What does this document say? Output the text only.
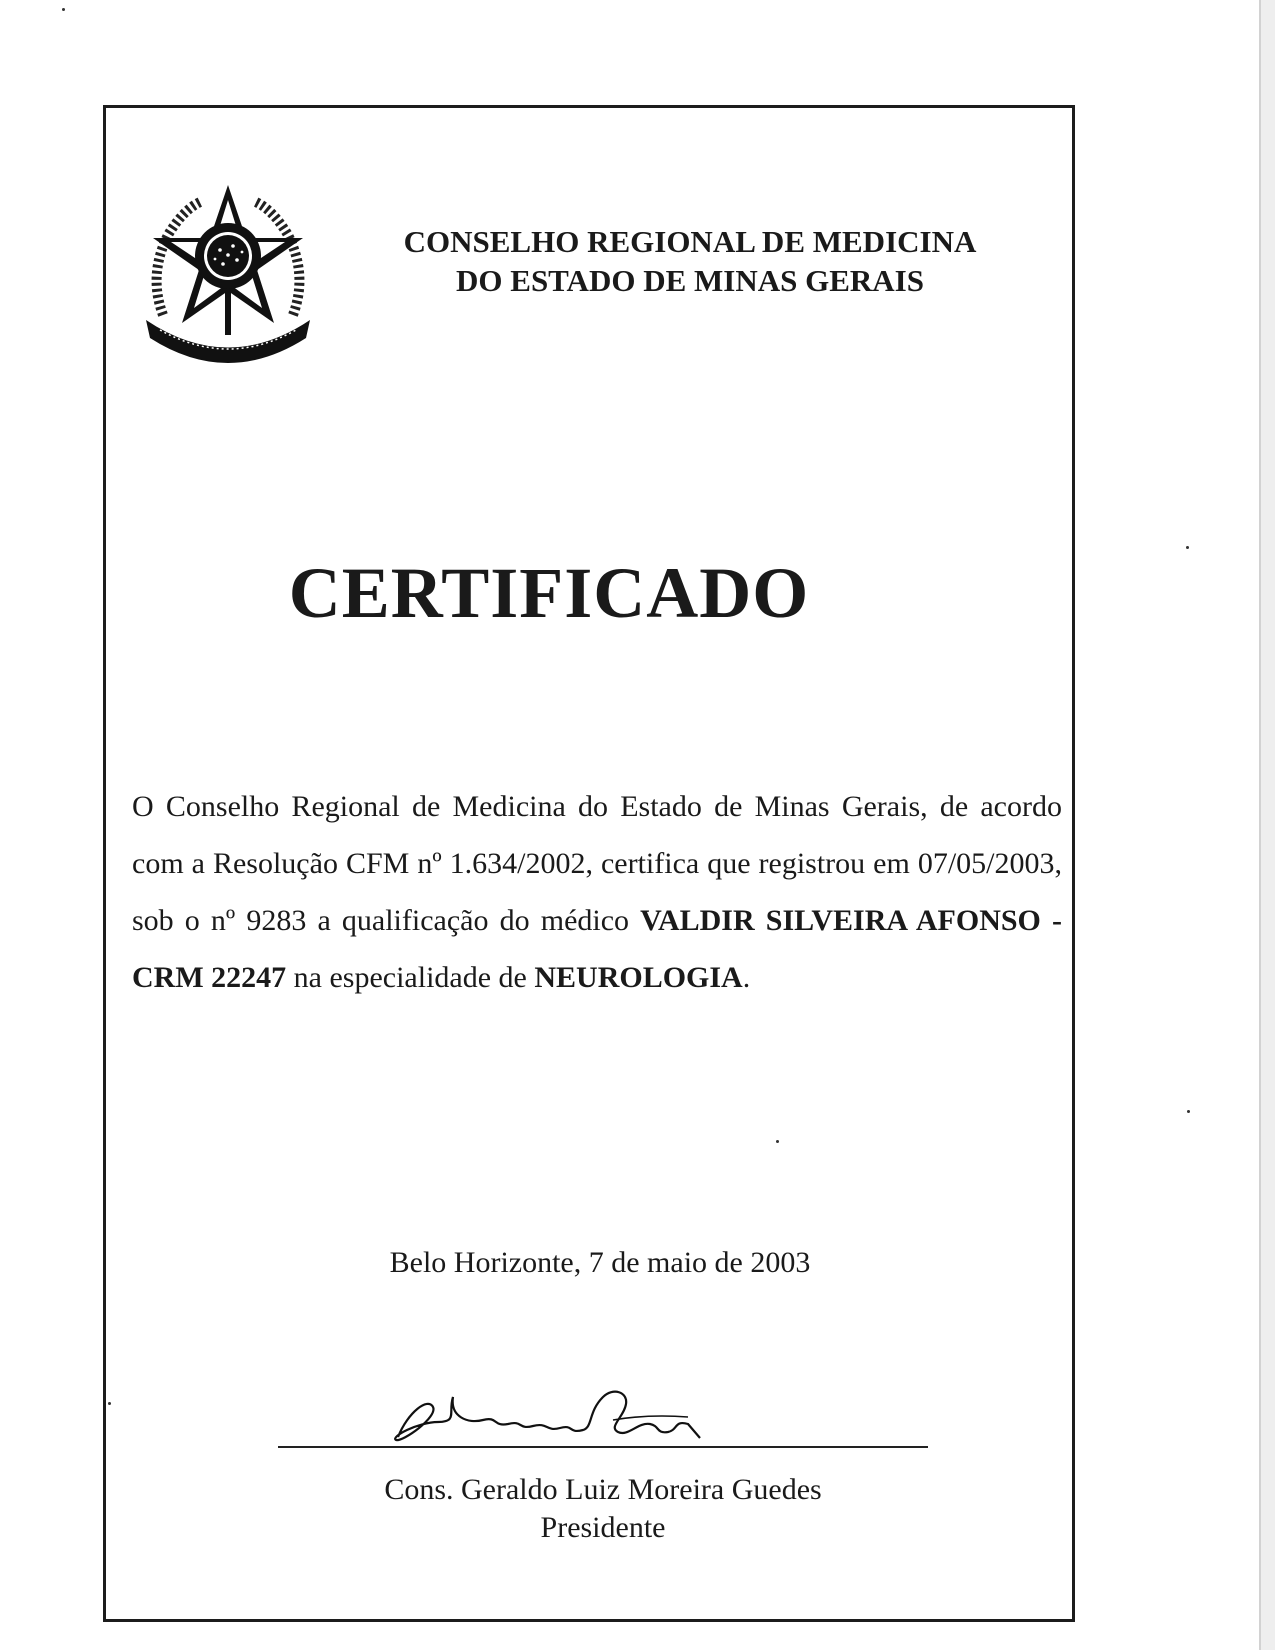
CONSELHO REGIONAL DE MEDICINA
DO ESTADO DE MINAS GERAIS
CERTIFICADO
O Conselho Regional de Medicina do Estado de Minas Gerais, de acordo com a Resolução CFM nº 1.634/2002, certifica que registrou em 07/05/2003, sob o nº 9283 a qualificação do médico VALDIR SILVEIRA AFONSO - CRM 22247 na especialidade de NEUROLOGIA.
Belo Horizonte, 7 de maio de 2003
Cons. Geraldo Luiz Moreira Guedes
Presidente
